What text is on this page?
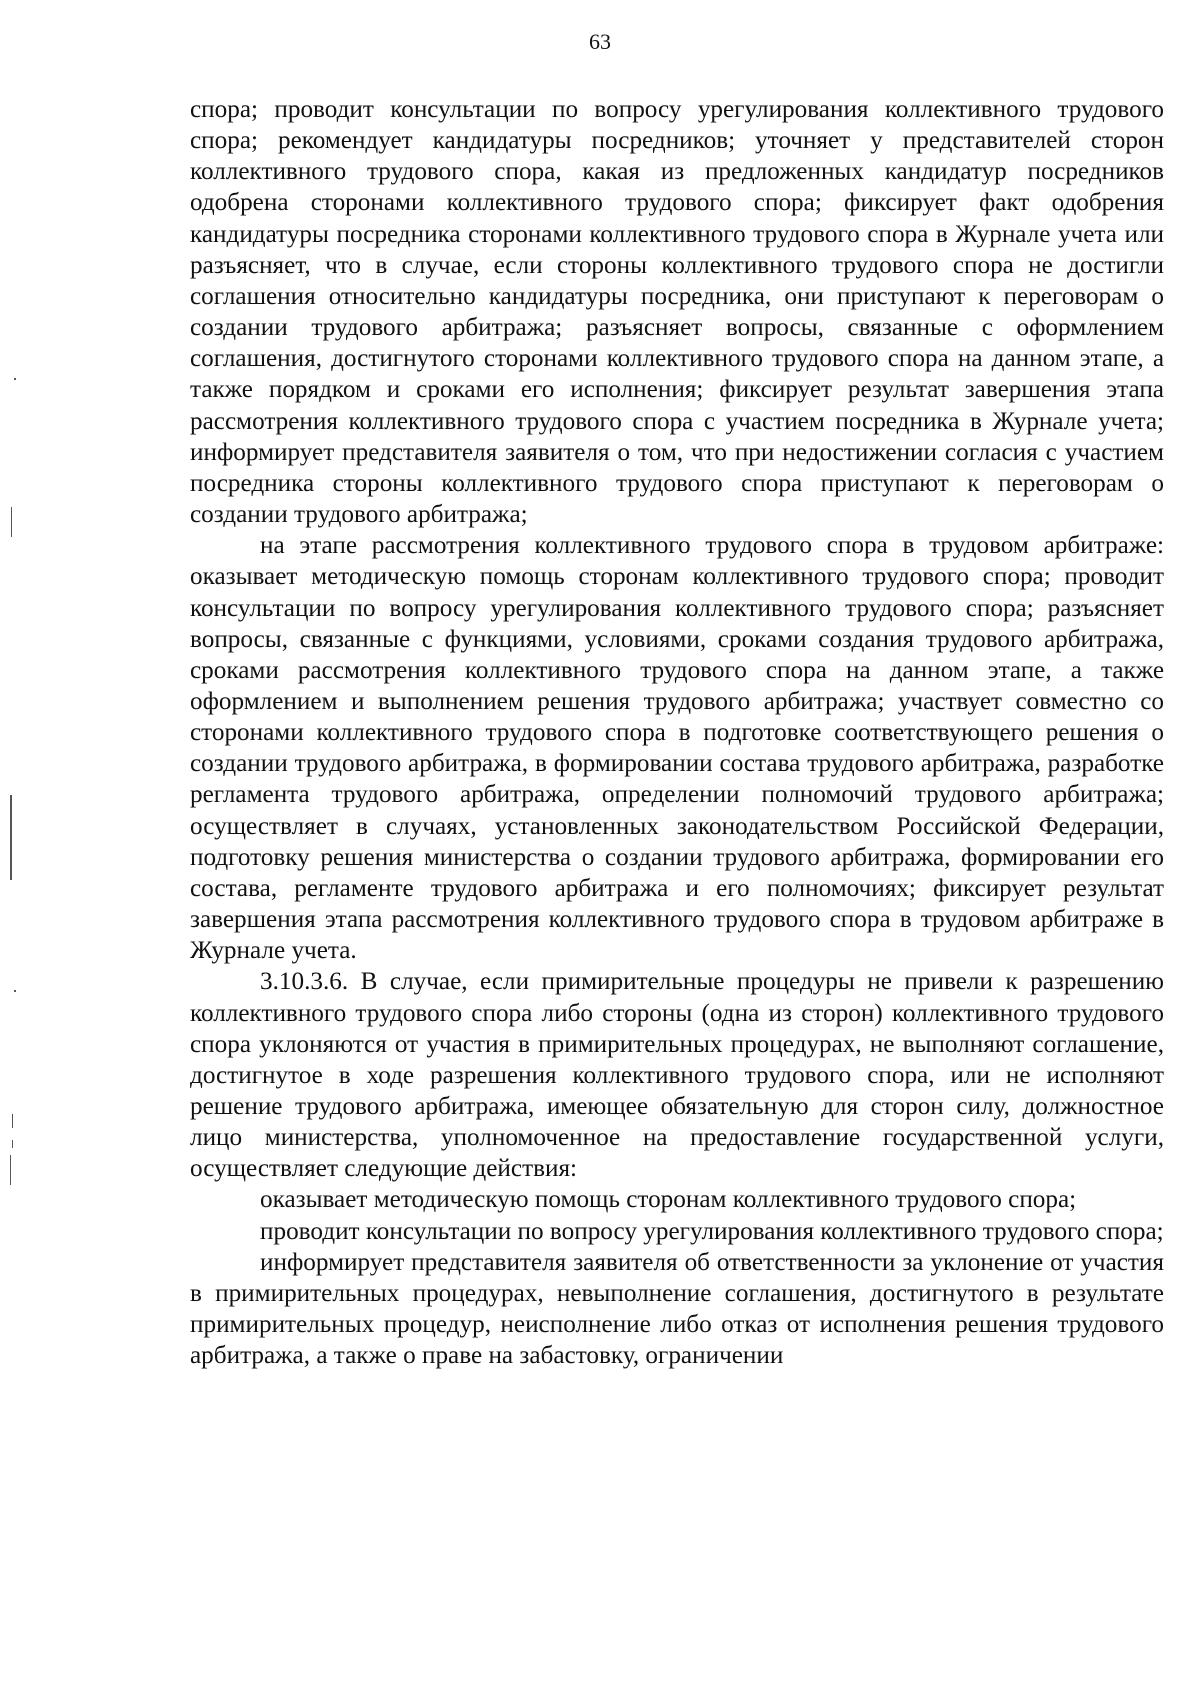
63

спора; проводит консультации по вопросу урегулирования коллективного трудового спора; рекомендует кандидатуры посредников; уточняет у представителей сторон коллективного трудового спора, какая из предложенных кандидатур посредников одобрена сторонами коллективного трудового спора; фиксирует факт одобрения кандидатуры посредника сторонами коллективного трудового спора в Журнале учета или разъясняет, что в случае, если стороны коллективного трудового спора не достигли соглашения относительно кандидатуры посредника, они приступают к переговорам о создании трудового арбитража; разъясняет вопросы, связанные с оформлением соглашения, достигнутого сторонами коллективного трудового спора на данном этапе, а также порядком и сроками его исполнения; фиксирует результат завершения этапа рассмотрения коллективного трудового спора с участием посредника в Журнале учета; информирует представителя заявителя о том, что при недостижении согласия с участием посредника стороны коллективного трудового спора приступают к переговорам о создании трудового арбитража;

на этапе рассмотрения коллективного трудового спора в трудовом арбитраже: оказывает методическую помощь сторонам коллективного трудового спора; проводит консультации по вопросу урегулирования коллективного трудового спора; разъясняет вопросы, связанные с функциями, условиями, сроками создания трудового арбитража, сроками рассмотрения коллективного трудового спора на данном этапе, а также оформлением и выполнением решения трудового арбитража; участвует совместно со сторонами коллективного трудового спора в подготовке соответствующего решения о создании трудового арбитража, в формировании состава трудового арбитража, разработке регламента трудового арбитража, определении полномочий трудового арбитража; осуществляет в случаях, установленных законодательством Российской Федерации, подготовку решения министерства о создании трудового арбитража, формировании его состава, регламенте трудового арбитража и его полномочиях; фиксирует результат завершения этапа рассмотрения коллективного трудового спора в трудовом арбитраже в Журнале учета.

3.10.3.6. В случае, если примирительные процедуры не привели к разрешению коллективного трудового спора либо стороны (одна из сторон) коллективного трудового спора уклоняются от участия в примирительных процедурах, не выполняют соглашение, достигнутое в ходе разрешения коллективного трудового спора, или не исполняют решение трудового арбитража, имеющее обязательную для сторон силу, должностное лицо министерства, уполномоченное на предоставление государственной услуги, осуществляет следующие действия:

оказывает методическую помощь сторонам коллективного трудового спора;

проводит консультации по вопросу урегулирования коллективного трудового спора;

информирует представителя заявителя об ответственности за уклонение от участия в примирительных процедурах, невыполнение соглашения, достигнутого в результате примирительных процедур, неисполнение либо отказ от исполнения решения трудового арбитража, а также о праве на забастовку, ограничении
